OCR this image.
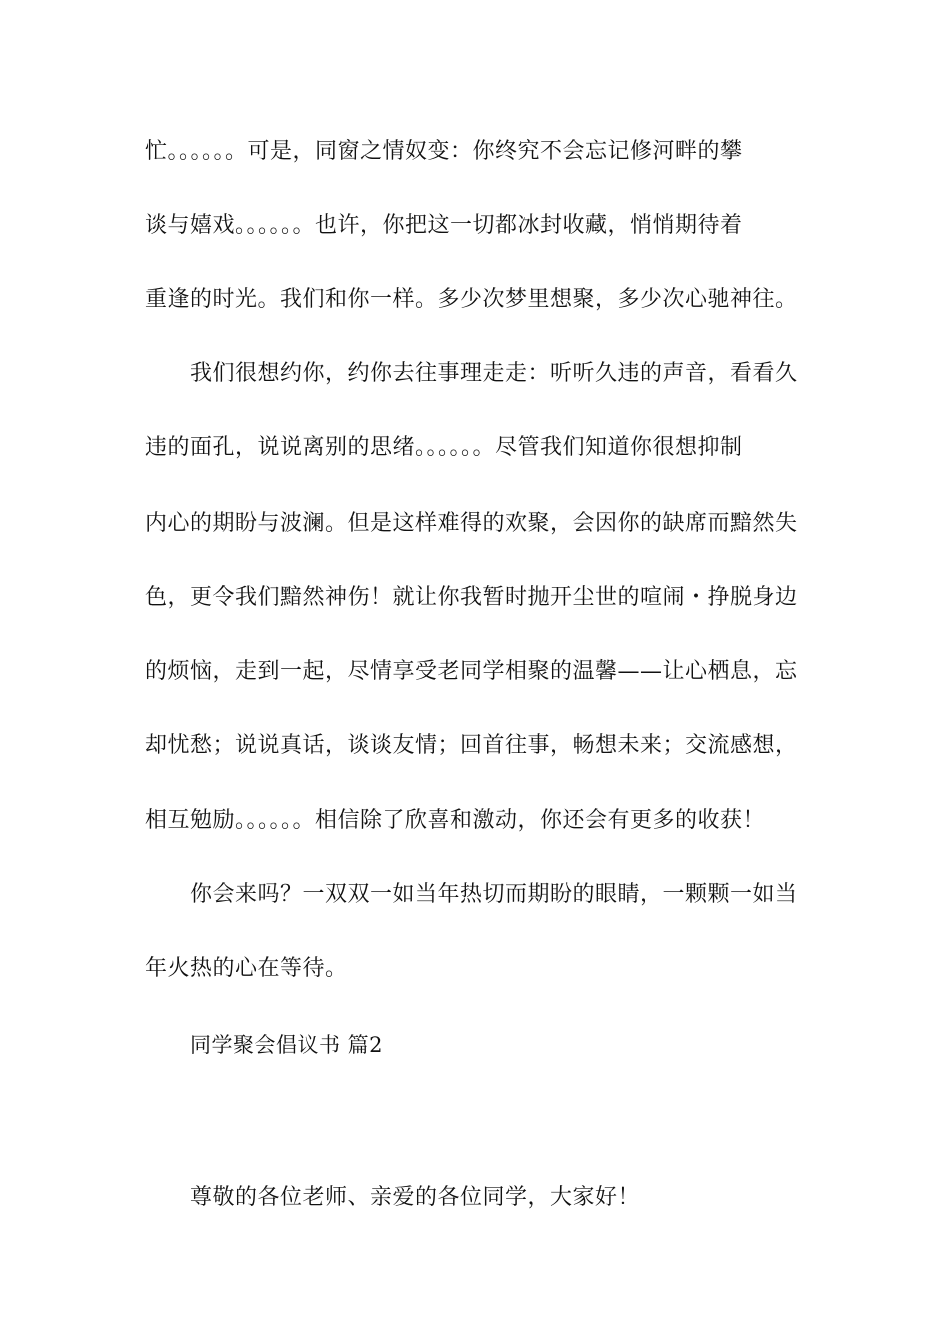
忙。。。。。。可是，同窗之情奴变：你终究不会忘记修河畔的攀
谈与嬉戏。。。。。。也许，你把这一切都冰封收藏，悄悄期待着
重逢的时光。我们和你一样。多少次梦里想聚，多少次心驰神往。
我们很想约你，约你去往事理走走：听听久违的声音，看看久
违的面孔，说说离别的思绪。。。。。。尽管我们知道你很想抑制
内心的期盼与波澜。但是这样难得的欢聚，会因你的缺席而黯然失
色，更令我们黯然神伤！就让你我暂时抛开尘世的喧闹・挣脱身边
的烦恼，走到一起，尽情享受老同学相聚的温馨——让心栖息，忘
却忧愁；说说真话，谈谈友情；回首往事，畅想未来；交流感想，
相互勉励。。。。。。相信除了欣喜和激动，你还会有更多的收获！
你会来吗？一双双一如当年热切而期盼的眼睛，一颗颗一如当
年火热的心在等待。
同学聚会倡议书 篇2
尊敬的各位老师、亲爱的各位同学，大家好！
